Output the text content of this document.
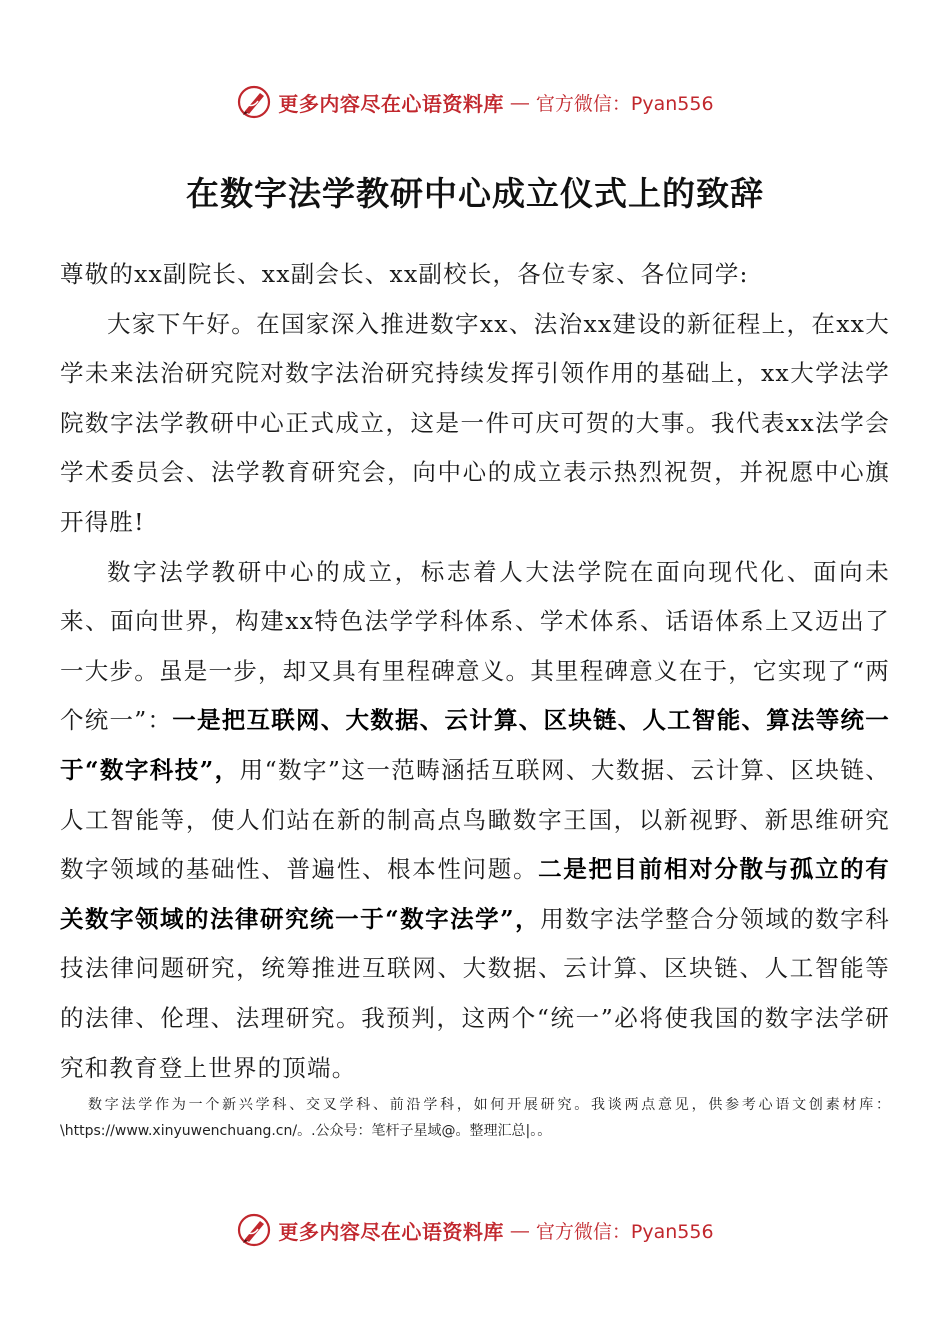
更多内容尽在心语资料库 — 官方微信：Pyan556
在数字法学教研中心成立仪式上的致辞

尊敬的xx副院长、xx副会长、xx副校长，各位专家、各位同学:

大家下午好。在国家深入推进数字xx、法治xx建设的新征程上，在xx大学未来法治研究院对数字法治研究持续发挥引领作用的基础上，xx大学法学院数字法学教研中心正式成立，这是一件可庆可贺的大事。我代表xx法学会学术委员会、法学教育研究会，向中心的成立表示热烈祝贺，并祝愿中心旗开得胜!

数字法学教研中心的成立，标志着人大法学院在面向现代化、面向未来、面向世界，构建xx特色法学学科体系、学术体系、话语体系上又迈出了一大步。虽是一步，却又具有里程碑意义。其里程碑意义在于，它实现了“两个统一”：一是把互联网、大数据、云计算、区块链、人工智能、算法等统一于“数字科技”，用“数字”这一范畴涵括互联网、大数据、云计算、区块链、人工智能等，使人们站在新的制高点鸟瞰数字王国，以新视野、新思维研究数字领域的基础性、普遍性、根本性问题。二是把目前相对分散与孤立的有关数字领域的法律研究统一于“数字法学”，用数字法学整合分领域的数字科技法律问题研究，统筹推进互联网、大数据、云计算、区块链、人工智能等的法律、伦理、法理研究。我预判，这两个“统一”必将使我国的数字法学研究和教育登上世界的顶端。

数字法学作为一个新兴学科、交叉学科、前沿学科，如何开展研究。我谈两点意见，供参考心语文创素材库：\https://www.xinyuwenchuang.cn/。.公众号：笔杆子星域@。整理汇总|。。
更多内容尽在心语资料库 — 官方微信：Pyan556
